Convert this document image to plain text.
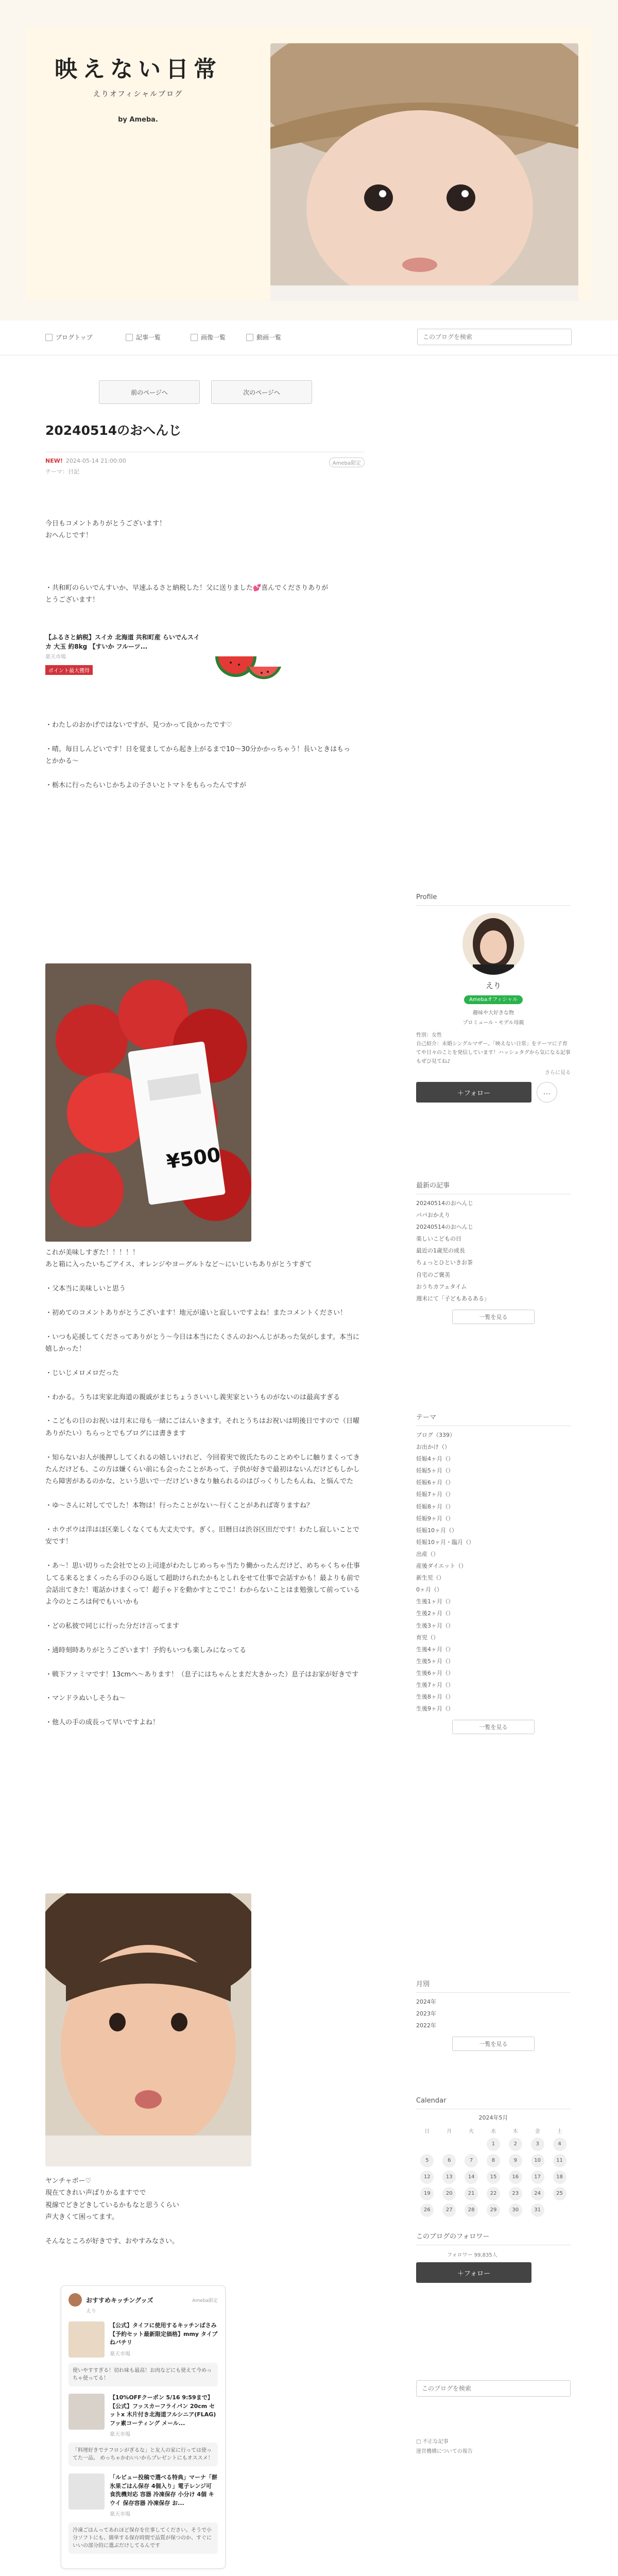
映えない日常
えりオフィシャルブログ
by Ameba.
ブログトップ	記事一覧	画像一覧	動画一覧
このブログを検索
前のページへ	次のページへ
20240514のおへんじ
NEW! 2024-05-14 21:00:00	Ameba限定
テーマ：日記
今日もコメントありがとうございます！
おへんじです！
・共和町のらいでんすいか、早速ふるさと納税した！父に送りました💕喜んでくださりありがとうございます！
【ふるさと納税】スイカ 北海道 共和町産 らいでんスイカ 大玉 約8kg 【すいか フルーツ...
楽天市場
ポイント最大獲得
・わたしのおかげではないですが、見つかって良かったです♡

・晴。毎日しんどいです！日を覚ましてから起き上がるまで10〜30分かかっちゃう！長いときはもっとかかる〜

・栃木に行ったらいじかちよの子さいとトマトをもらったんですが
¥500
これが美味しすぎた！！！！！
あと箱に入ったいちごアイス、オレンジやヨーグルトなど〜にいじいちありがとうすぎて

・父本当に美味しいと思う

・初めてのコメントありがとうございます！地元が遠いと寂しいですよね！またコメントください！

・いつも応援してくださってありがとう〜今日は本当にたくさんのおへんじがあった気がします。本当に嬉しかった！

・じいじメロメロだった

・わかる。うちは実家北海道の親戚がまじちょうさいいし義実家というものがないのは最高すぎる

・こどもの日のお祝いは月末に母も一緒にごはんいきます。それとうちはお祝いは明後日ですので（日曜ありがたい）ちらっとでもブログには書きます

・知らないお人が後押ししてくれるの嬉しいけれど、今回着実で彼氏たちのことめやしに触りまくってきたんだけども、この方は嫌くらい前にも会ったことがあって、子供が好きで最初はないんだけどもしかしたら障害があるのかな、という思いで一だけどいきなり触られるのはびっくりしたもんね、と悩んでた

・ゆ〜さんに対してでした！本物は！行ったことがない〜行くことがあれば寄りますね？

・ホウポウは洋はほ区楽しくなくても大丈夫です。ぎく。旧暦日は渋谷区田だです！わたし寂しいことで安です！

・あ〜！思い切りった会社でとの上司達がわたしじめっちゃ当たり働かったんだけど、めちゃくちゃ仕事してる来るとまくったら手のひら返して超助けられたかもとしれをせて仕事で会話すかも！最よりも前で会話出てきた！電話かけまくって！超子ゃドを動かすとこでこ！わからないことはま勉強して前っているよ今のところは何でもいいかも

・どの私彼で同じに行った分だけ言ってます

・通時刻時ありがとうございます！予約もいつも楽しみになってる

・戦下ファミマです！13cmへ〜あります！（息子にはちゃんとまだ大きかった）息子はお家が好きです

・マンドラぬいしそうね〜

・他人の手の成長って早いですよね！
ヤンチャボー♡
現在てきれい声ばりかるますでで
視線でどきどきしているかもなと思うくらい
声大きくて困ってます。

そんなところが好きです、おやすみなさい。
おすすめキッチングッズ	Ameba限定
えり
【公式】タイフに使用するキッチンばさみ【予約セット最新限定価格】mmy タイプねバチリ
楽天市場
使いやすすぎる！切れ味も最高！お肉などにも使えて今めっちゃ使ってる！
【10%OFFクーポン 5/16 9:59まで】【公式】フッスカーフライパン 20cm セットx 木片付き北海道フルシニア(FLAG) フッ素コーティング メール...
楽天市場
「料理好きでテフロンがぎるな」と友人の家に行っては使ってた一品。 めっちゃかわいいからプレゼントにもオススメ！
「ルビュー投稿で選べる特典」マーナ「餅 氷果ごはん保存 4個入り」電子レンジ可 食洗機対応 容器 冷凍保存 小分け 4個 キウイ 保存容器 冷凍保存 お...
楽天市場
冷凍ごはんってあれほど保存を仕事してください。そうで小分ソフトにも、簡単する保存時間で品質が保つのか、すぐにいいの部分的に選ぶだけしてるんです
Profile
えり
Amebaオフィシャル
趣味や大好きな物
プロミュール・モデル母親
性別：女性
自己紹介：未婚シングルマザー。「映えない日常」をテーマに子育てや日々のことを発信しています！ハッシュタグから気になる記事もぜひ見てね♪
さらに見る
＋フォロー	…
最新の記事
20240514のおへんじ
パパおかえり
20240514のおへんじ
楽しいこどもの日
最近の1歳児の成長
ちょっとひといきお茶
自宅のご褒美
おうちカフェタイム
週末にて「子どもあるある」
一覧を見る
テーマ
ブログ（339）
お出かけ（）
妊娠4ヶ月（）
妊娠5ヶ月（）
妊娠6ヶ月（）
妊娠7ヶ月（）
妊娠8ヶ月（）
妊娠9ヶ月（）
妊娠10ヶ月（）
妊娠10ヶ月・臨月（）
出産（）
産後ダイエット（）
新生児（）
0ヶ月（）
生後1ヶ月（）
生後2ヶ月（）
生後3ヶ月（）
育児（）
生後4ヶ月（）
生後5ヶ月（）
生後6ヶ月（）
生後7ヶ月（）
生後8ヶ月（）
生後9ヶ月（）
一覧を見る
月別
2024年
2023年
2022年
一覧を見る
Calendar
2024年5月
日	月	火	水	木	金	土
			1	2	3	4
5	6	7	8	9	10	11
12	13	14	15	16	17	18
19	20	21	22	23	24	25
26	27	28	29	30	31	
このブログのフォロワー
フォロワー 99,835人
＋フォロー
このブログを検索
□ 不正な記事
運営機構についての報告
